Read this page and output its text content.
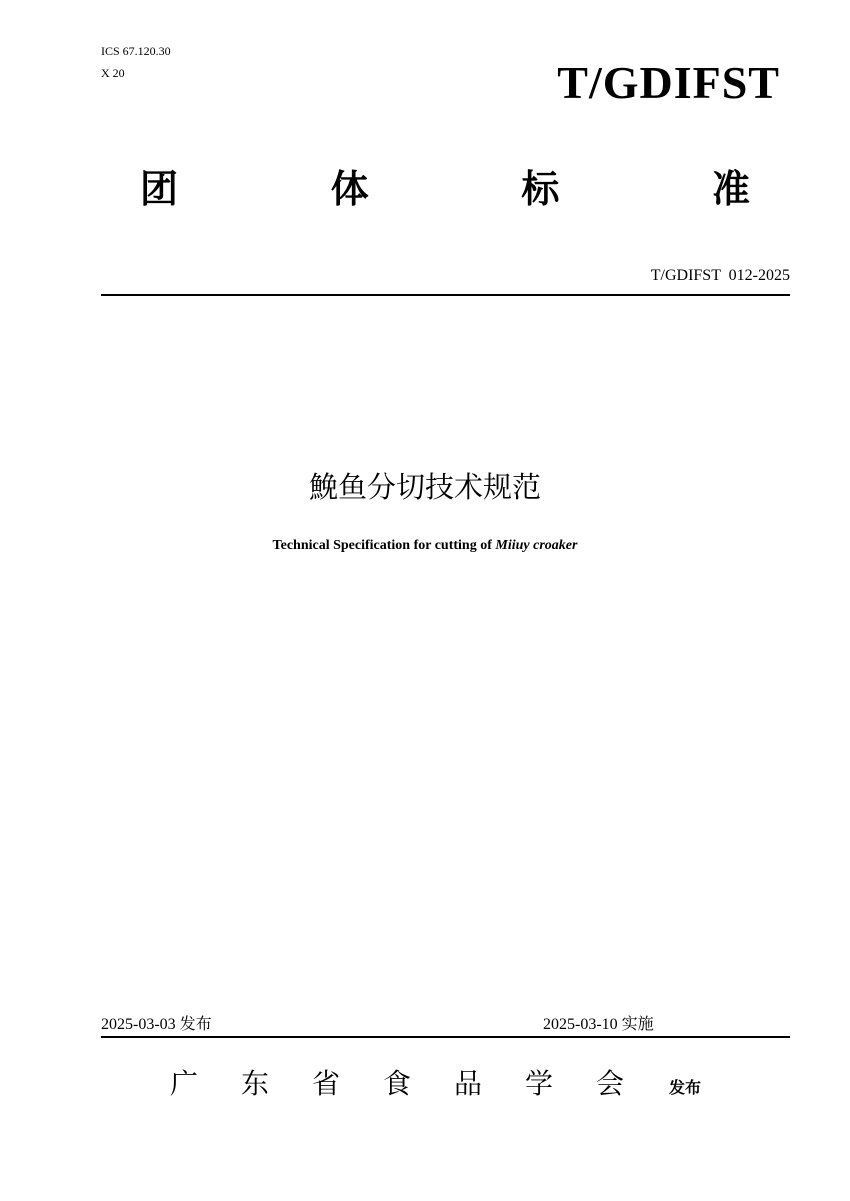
ICS 67.120.30
X 20	T/GDIFST
团	体	标	准
T/GDIFST 012-2025
鮸鱼分切技术规范
Technical Specification for cutting of Miiuy croaker
2025-03-03 发布	2025-03-10 实施
广	东	省	食	品	学	会	发布
